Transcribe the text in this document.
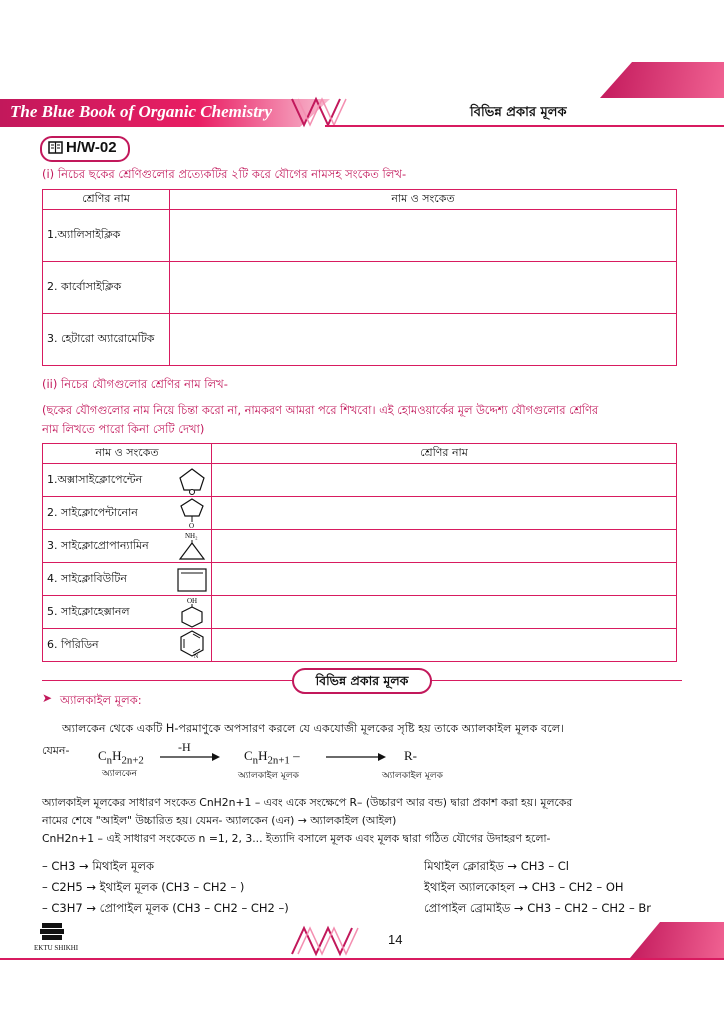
The Blue Book of Organic Chemistry	বিভিন্ন প্রকার মূলক
H/W-02
(i) নিচের ছকের শ্রেণিগুলোর প্রত্যেকটির ২টি করে যৌগের নামসহ সংকেত লিখ-
শ্রেণির নাম	নাম ও সংকেত
1.অ্যালিসাইক্লিক	
2. কার্বোসাইক্লিক	
3. হেটারো অ্যারোমেটিক	
(ii) নিচের যৌগগুলোর শ্রেণির নাম লিখ-
(ছকের যৌগগুলোর নাম নিয়ে চিন্তা করো না, নামকরণ আমরা পরে শিখবো। এই হোমওয়ার্কের মূল উদ্দেশ্য যৌগগুলোর শ্রেণির
নাম লিখতে পারো কিনা সেটি দেখা)
নাম ও সংকেত	শ্রেণির নাম
1.অক্সাসাইক্লোপেন্টেন

2. সাইক্লোপেন্টানোন
O	

3. সাইক্লোপ্রোপান্যামিন
NH₂	

4. সাইক্লোবিউটিন

5. সাইক্লোহেক্সানল
OH	

6. পিরিডিন
N	

বিভিন্ন প্রকার মূলক
➤ অ্যালকাইল মূলক:
অ্যালকেন থেকে একটি H-পরমাণুকে অপসারণ করলে যে একযোজী মূলকের সৃষ্টি হয় তাকে অ্যালকাইল মূলক বলে।
যেমন- $C_nH_{2n+2}$
অ্যালকেন
-H
→ $C_nH_{2n+1}$ –
অ্যালকাইল মূলক
→ R-
অ্যালকাইল মূলক
অ্যালকাইল মূলকের সাধারণ সংকেত CnH2n+1 – এবং একে সংক্ষেপে R– (উচ্চারণ আর বন্ড) দ্বারা প্রকাশ করা হয়। মূলকের
নামের শেষে "আইল" উচ্চারিত হয়। যেমন- অ্যালকেন (এন) → অ্যালকাইল (আইল)
CnH2n+1 – এই সাধারণ সংকেতে n =1, 2, 3... ইত্যাদি বসালে মূলক এবং মূলক দ্বারা গঠিত যৌগের উদাহরণ হলো-
– CH3 → মিথাইল মূলক
– C2H5 → ইথাইল মূলক (CH3 – CH2 – )
– C3H7 → প্রোপাইল মূলক (CH3 – CH2 – CH2 –)
মিথাইল ক্লোরাইড → CH3 – Cl
ইথাইল অ্যালকোহল → CH3 – CH2 – OH
প্রোপাইল ব্রোমাইড → CH3 – CH2 – CH2 – Br
EKTU SHIKHI
14
